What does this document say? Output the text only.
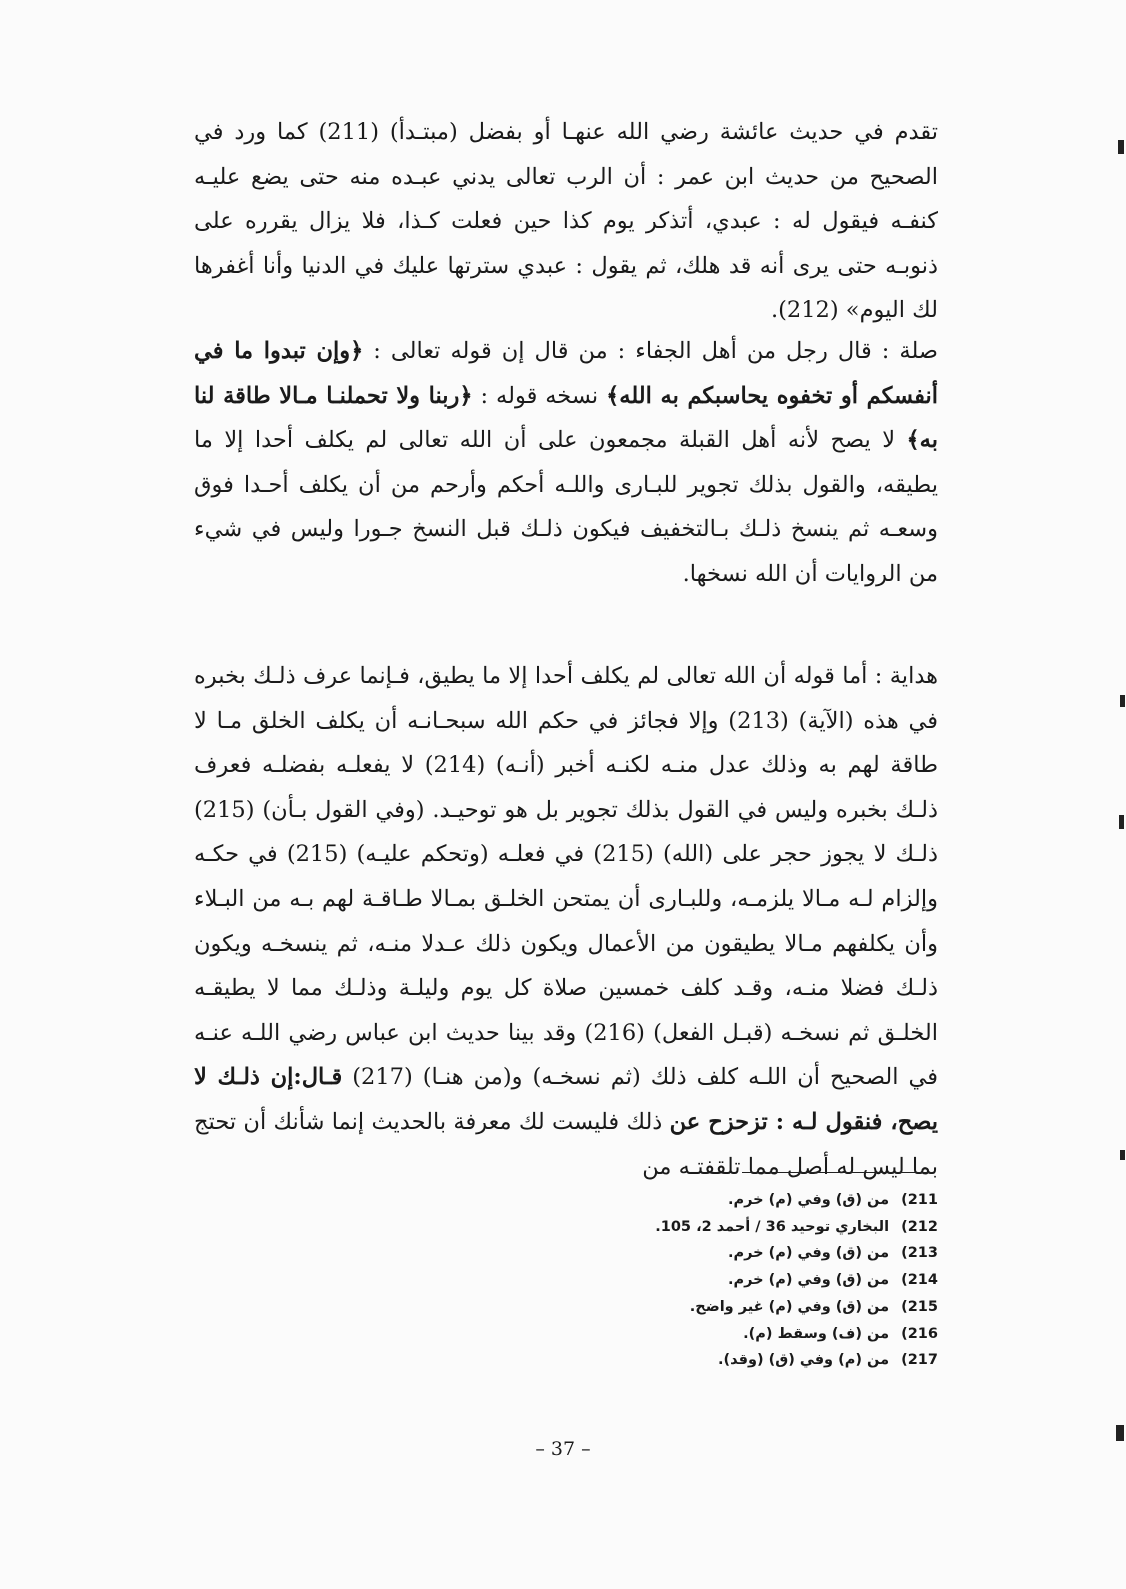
تقدم في حديث عائشة رضي الله عنهـا أو بفضل (مبتـدأ) (211) كما ورد في الصحيح من حديث ابن عمر : أن الرب تعالى يدني عبـده منه حتى يضع عليـه كنفـه فيقول له : عبدي، أتذكر يوم كذا حين فعلت كـذا، فلا يزال يقرره على ذنوبـه حتى يرى أنه قد هلك، ثم يقول : عبدي سترتها عليك في الدنيا وأنا أغفرها لك اليوم» (212).

صلة : قال رجل من أهل الجفاء : من قال إن قوله تعالى : ﴿وإن تبدوا ما في أنفسكم أو تخفوه يحاسبكم به الله﴾ نسخه قوله : ﴿ربنا ولا تحملنـا مـالا طاقة لنا به﴾ لا يصح لأنه أهل القبلة مجمعون على أن الله تعالى لم يكلف أحدا إلا ما يطيقه، والقول بذلك تجوير للبـارى واللـه أحكم وأرحم من أن يكلف أحـدا فوق وسعـه ثم ينسخ ذلـك بـالتخفيف فيكون ذلـك قبل النسخ جـورا وليس في شيء من الروايات أن الله نسخها.

هداية : أما قوله أن الله تعالى لم يكلف أحدا إلا ما يطيق، فـإنما عرف ذلـك بخبره في هذه (الآية) (213) وإلا فجائز في حكم الله سبحـانـه أن يكلف الخلق مـا لا طاقة لهم به وذلك عدل منـه لكنـه أخبر (أنـه) (214) لا يفعلـه بفضلـه فعرف ذلـك بخبره وليس في القول بذلك تجوير بل هو توحيـد. (وفي القول بـأن) (215) ذلـك لا يجوز حجر على (الله) (215) في فعلـه (وتحكم عليـه) (215) في حكـه وإلزام لـه مـالا يلزمـه، وللبـارى أن يمتحن الخلـق بمـالا طـاقـة لهم بـه من البـلاء وأن يكلفهم مـالا يطيقون من الأعمال ويكون ذلك عـدلا منـه، ثم ينسخـه ويكون ذلـك فضلا منـه، وقـد كلف خمسين صلاة كل يوم وليلـة وذلـك مما لا يطيقـه الخلـق ثم نسخـه (قبـل الفعل) (216) وقد بينا حديث ابن عباس رضي اللـه عنـه في الصحيح أن اللـه كلف ذلك (ثم نسخـه) و(من هنـا) (217) قـال:إن ذلـك لا يصح، فنقول لـه : تزحزح عن ذلك فليست لك معرفة بالحديث إنما شأنك أن تحتج بما ليس له أصل مما تلقفتـه من

211)من (ق) وفي (م) خرم.
212)البخاري توحيد 36 / أحمد 2، 105.
213)من (ق) وفي (م) خرم.
214)من (ق) وفي (م) خرم.
215)من (ق) وفي (م) غير واضح.
216)من (ف) وسقط (م).
217)من (م) وفي (ق) (وقد).
– 37 –
